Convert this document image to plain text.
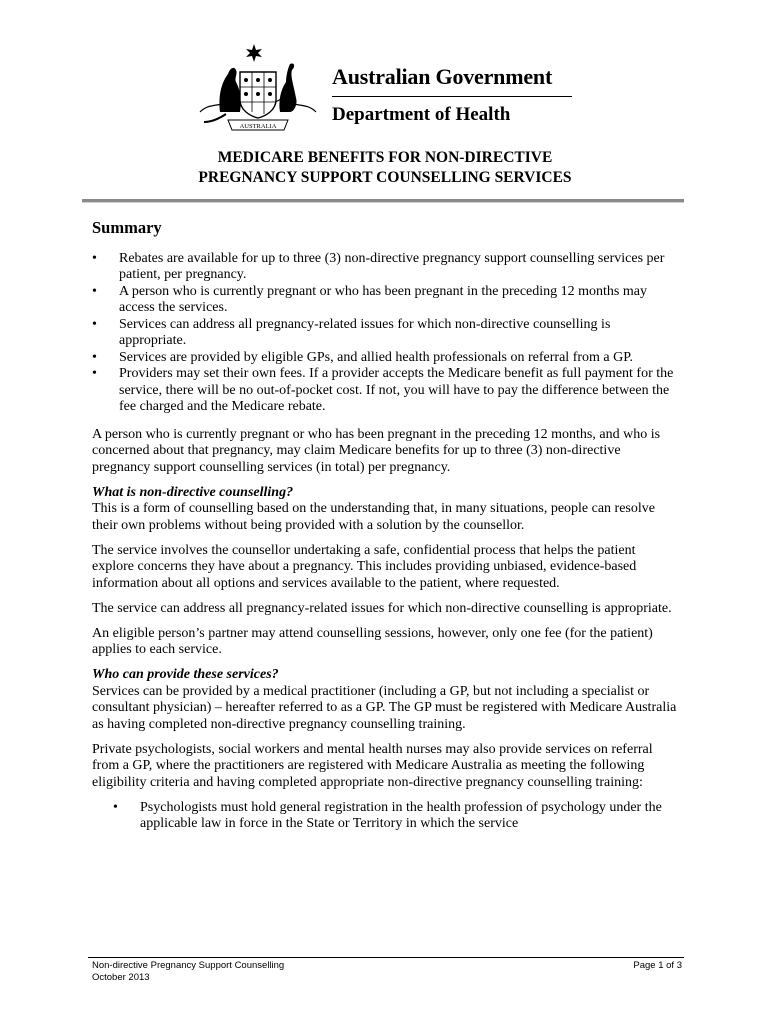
AUSTRALIA
Australian Government
Department of Health
MEDICARE BENEFITS FOR NON-DIRECTIVE
PREGNANCY SUPPORT COUNSELLING SERVICES
Summary
• Rebates are available for up to three (3) non-directive pregnancy support counselling services per patient, per pregnancy.
• A person who is currently pregnant or who has been pregnant in the preceding 12 months may access the services.
• Services can address all pregnancy-related issues for which non-directive counselling is appropriate.
• Services are provided by eligible GPs, and allied health professionals on referral from a GP.
• Providers may set their own fees. If a provider accepts the Medicare benefit as full payment for the service, there will be no out-of-pocket cost. If not, you will have to pay the difference between the fee charged and the Medicare rebate.

A person who is currently pregnant or who has been pregnant in the preceding 12 months, and who is concerned about that pregnancy, may claim Medicare benefits for up to three (3) non-directive pregnancy support counselling services (in total) per pregnancy.

What is non-directive counselling?

This is a form of counselling based on the understanding that, in many situations, people can resolve their own problems without being provided with a solution by the counsellor.

The service involves the counsellor undertaking a safe, confidential process that helps the patient explore concerns they have about a pregnancy. This includes providing unbiased, evidence-based information about all options and services available to the patient, where requested.

The service can address all pregnancy-related issues for which non-directive counselling is appropriate.

An eligible person’s partner may attend counselling sessions, however, only one fee (for the patient) applies to each service.

Who can provide these services?

Services can be provided by a medical practitioner (including a GP, but not including a specialist or consultant physician) – hereafter referred to as a GP. The GP must be registered with Medicare Australia as having completed non-directive pregnancy counselling training.

Private psychologists, social workers and mental health nurses may also provide services on referral from a GP, where the practitioners are registered with Medicare Australia as meeting the following eligibility criteria and having completed appropriate non-directive pregnancy counselling training:

• Psychologists must hold general registration in the health profession of psychology under the applicable law in force in the State or Territory in which the service
Non-directive Pregnancy Support Counselling
October 2013
Page 1 of 3
